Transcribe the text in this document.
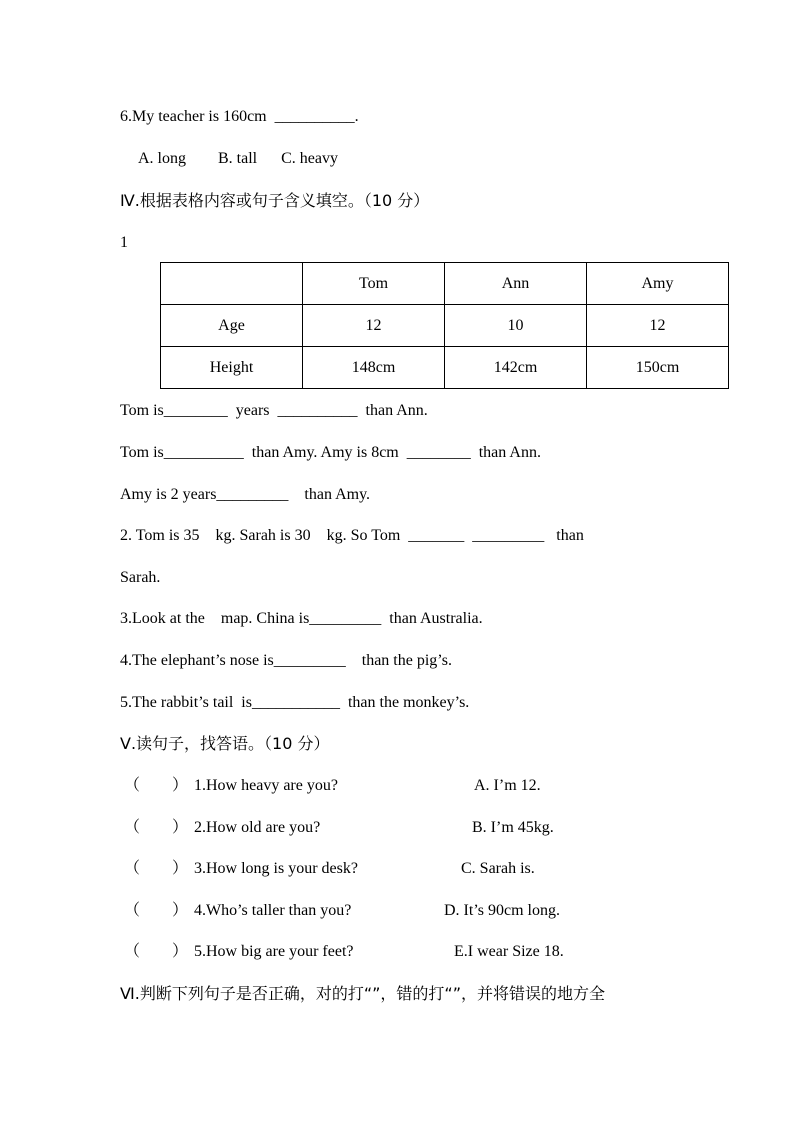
6.My teacher is 160cm  __________.
A. long        B. tall      C. heavy
Ⅳ.根据表格内容或句子含义填空。（10 分）
1
	Tom	Ann	Amy
Age	12	10	12
Height	148cm	142cm	150cm
Tom is________  years  __________  than Ann.
Tom is__________  than Amy. Amy is 8cm  ________  than Ann.
Amy is 2 years_________    than Amy.
2. Tom is 35    kg. Sarah is 30    kg. So Tom  _______  _________   than
Sarah.
3.Look at the    map. China is_________  than Australia.
4.The elephant’s nose is_________    than the pig’s.
5.The rabbit’s tail  is___________  than the monkey’s.
Ⅴ.读句子，找答语。（10 分）
（        ） 1.How heavy are you?	A. I’m 12.
（        ） 2.How old are you?	B. I’m 45kg.
（        ） 3.How long is your desk?	C. Sarah is.
（        ） 4.Who’s taller than you?	D. It’s 90cm long.
（        ） 5.How big are your feet?	E.I wear Size 18.
Ⅵ.判断下列句子是否正确，对的打“”，错的打“”，并将错误的地方全
